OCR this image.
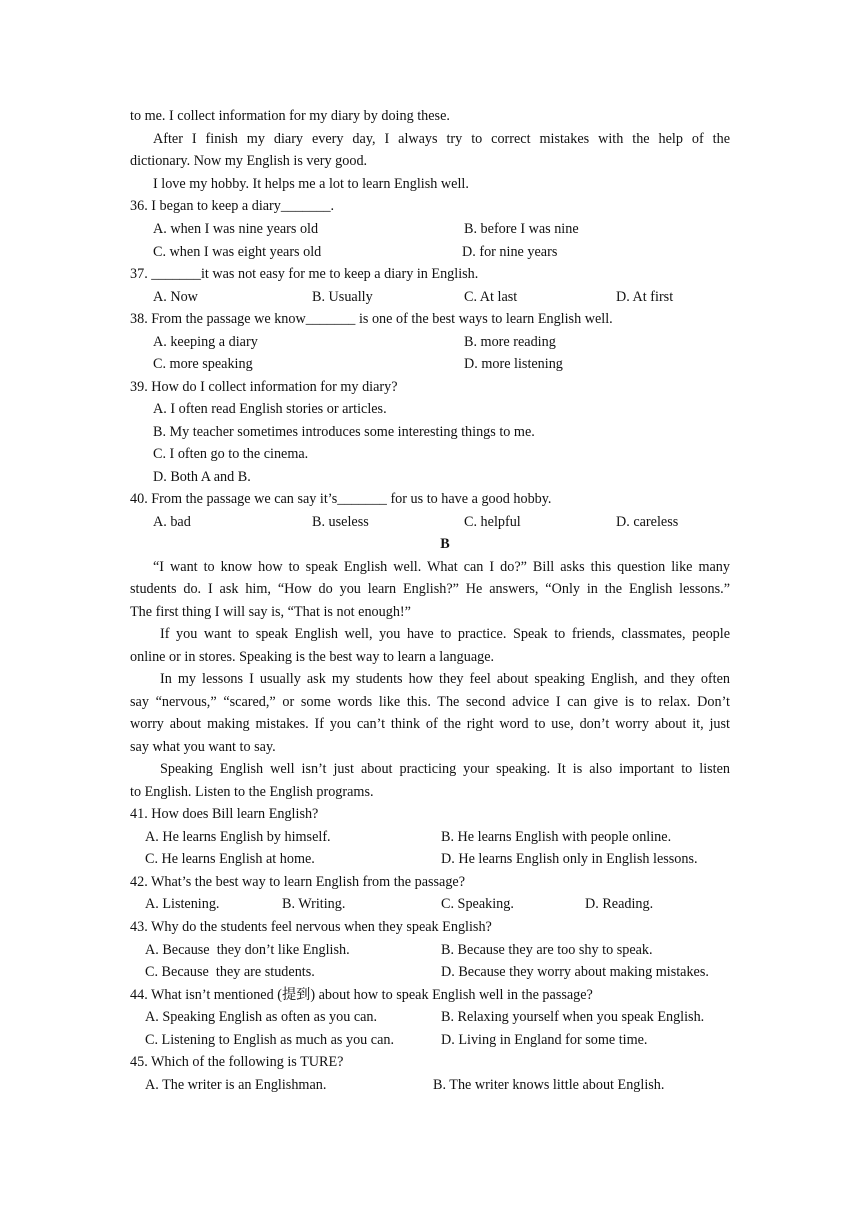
to me. I collect information for my diary by doing these.
After I finish my diary every day, I always try to correct mistakes with the help of the
dictionary. Now my English is very good.
I love my hobby. It helps me a lot to learn English well.
36. I began to keep a diary_______.
A. when I was nine years old	B. before I was nine
C. when I was eight years old	D. for nine years
37. _______it was not easy for me to keep a diary in English.
A. Now	B. Usually	C. At last	D. At first
38. From the passage we know_______ is one of the best ways to learn English well.
A. keeping a diary	B. more reading
C. more speaking	D. more listening
39. How do I collect information for my diary?
A. I often read English stories or articles.
B. My teacher sometimes introduces some interesting things to me.
C. I often go to the cinema.
D. Both A and B.
40. From the passage we can say it’s_______ for us to have a good hobby.
A. bad	B. useless	C. helpful	D. careless
B
“I want to know how to speak English well. What can I do?” Bill asks this question like many
students do. I ask him, “How do you learn English?” He answers, “Only in the English lessons.”
The first thing I will say is, “That is not enough!”
If you want to speak English well, you have to practice. Speak to friends, classmates, people
online or in stores. Speaking is the best way to learn a language.
In my lessons I usually ask my students how they feel about speaking English, and they often
say “nervous,” “scared,” or some words like this. The second advice I can give is to relax. Don’t
worry about making mistakes. If you can’t think of the right word to use, don’t worry about it, just
say what you want to say.
Speaking English well isn’t just about practicing your speaking. It is also important to listen
to English. Listen to the English programs.
41. How does Bill learn English?
A. He learns English by himself.	B. He learns English with people online.
C. He learns English at home.	D. He learns English only in English lessons.
42. What’s the best way to learn English from the passage?
A. Listening.	B. Writing.	C. Speaking.	D. Reading.
43. Why do the students feel nervous when they speak English?
A. Because  they don’t like English.	B. Because they are too shy to speak.
C. Because  they are students.	D. Because they worry about making mistakes.
44. What isn’t mentioned (提到) about how to speak English well in the passage?
A. Speaking English as often as you can.	B. Relaxing yourself when you speak English.
C. Listening to English as much as you can.	D. Living in England for some time.
45. Which of the following is TURE?
A. The writer is an Englishman.	B. The writer knows little about English.
